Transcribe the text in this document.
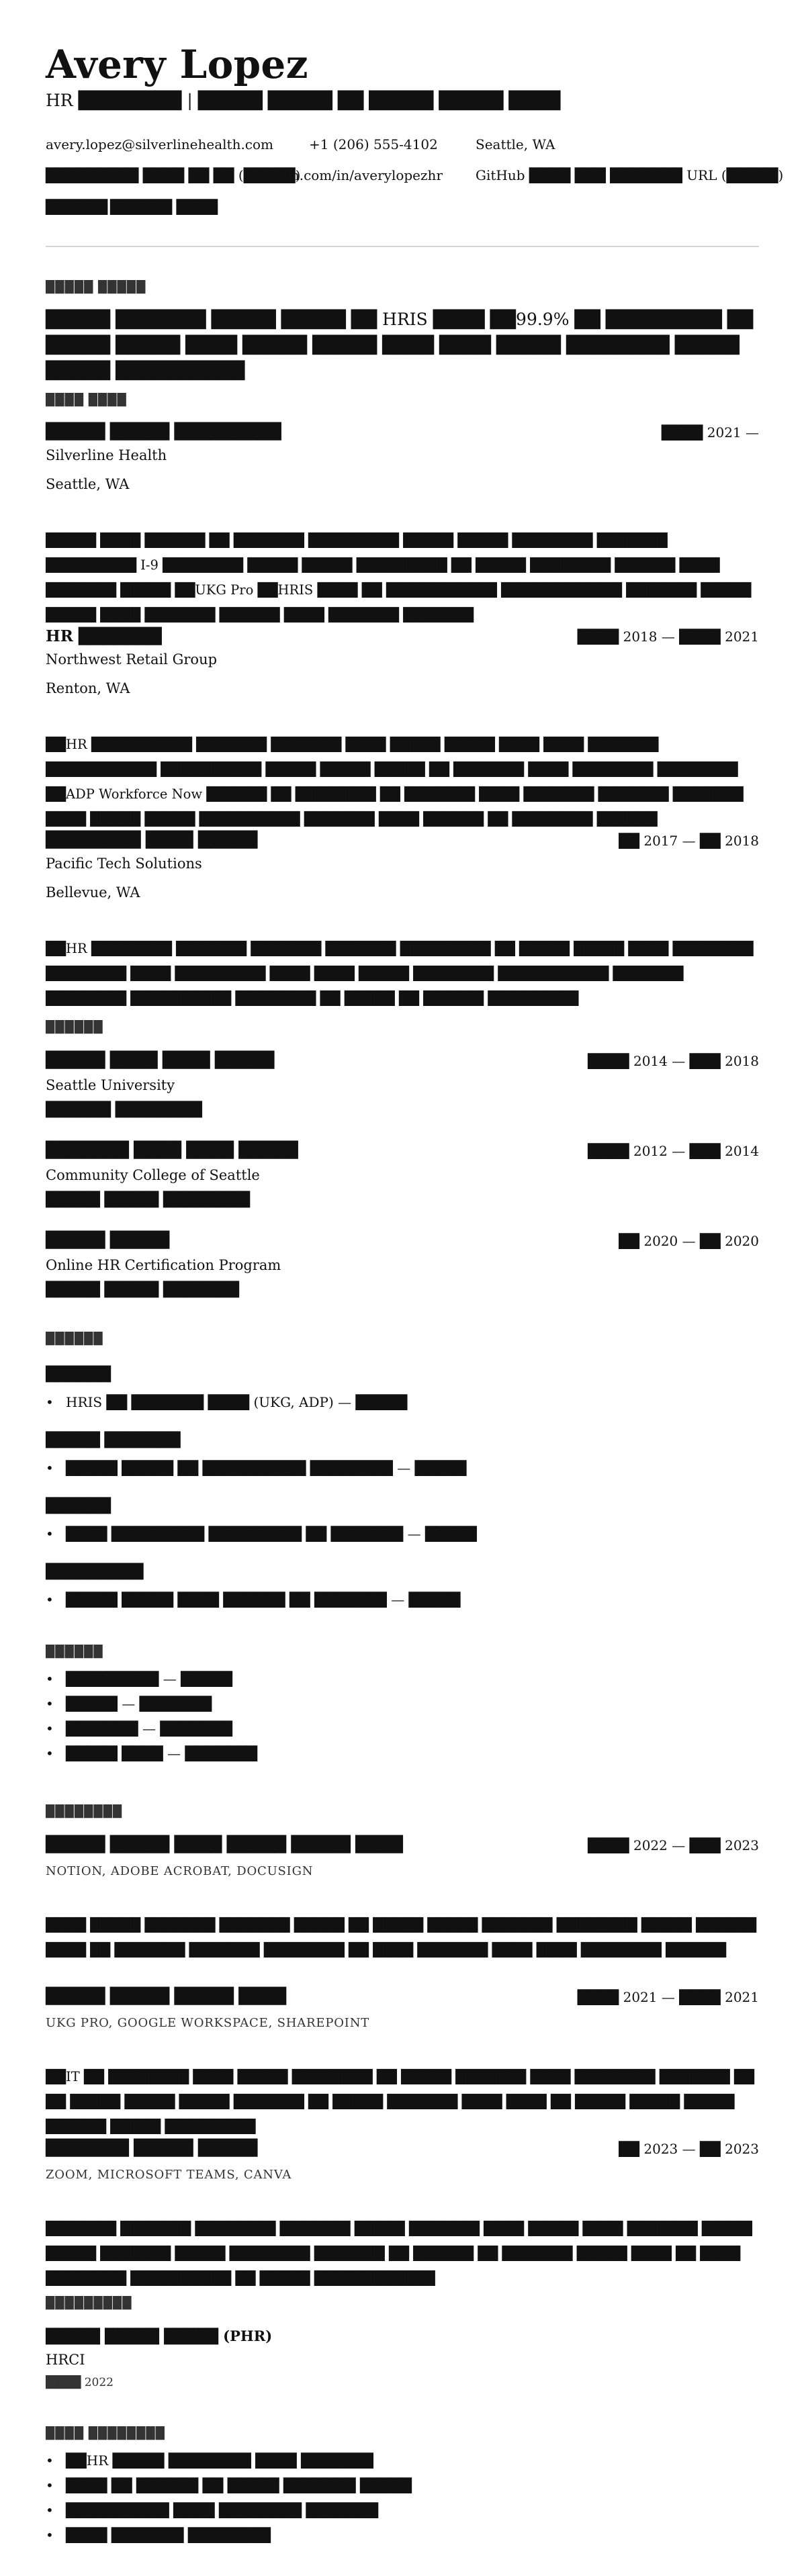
Avery Lopez
HR ████████ | █████ █████ ██ █████ █████ ████
avery.lopez@silverlinehealth.com	+1 (206) 555-4102	Seattle, WA
█████████ ████ ██ ██ (█████)
linkedin.com/in/averylopezhr GitHub ████ ███ ███████ URL (█████)
██████ ██████ ████
█████ █████
█████ ███████ █████ █████ ██ HRIS ████ ██99.9% ██ █████████ ██ █████ █████ ████ █████ █████ ████ ████ █████ ████████ █████ █████ ██████████
████ ████
█████ █████ █████████	████ 2021 —
Silverline Health
Seattle, WA
█████ ████ ██████ ██ ███████ █████████ █████ █████ ████████ ███████ █████████ I-9 ████████ █████ █████ █████████ ██ █████ ████████ ██████ ████ ███████ █████ ██UKG Pro ██HRIS ████ ██ ███████████ ████████████ ███████ █████ █████ ████ ███████ ██████ ████ ███████ ███████
HR ███████	████ 2018 — ████ 2021
Northwest Retail Group
Renton, WA
██HR ██████████ ███████ ███████ ████ █████ █████ ████ ████ ███████ ███████████ ██████████ █████ █████ █████ ██ ███████ ████ ████████ ████████ ██ADP Workforce Now ██████ ██ ████████ ██ ███████ ████ ███████ ███████ ███████ ████ █████ █████ ██████████ ███████ ████ ██████ ██ ████████ ██████
████████ ████ █████	██ 2017 — ██ 2018
Pacific Tech Solutions
Bellevue, WA
██HR ████████ ███████ ███████ ███████ █████████ ██ █████ █████ ████ ████████ ████████ ████ █████████ ████ ████ █████ ████████ ███████████ ███████ ████████ ██████████ ████████ ██ █████ ██ ██████ █████████
██████
█████ ████ ████ █████	████ 2014 — ███ 2018
Seattle University
██████ ████████
███████ ████ ████ █████	████ 2012 — ███ 2014
Community College of Seattle
█████ █████ ████████
█████ █████	██ 2020 — ██ 2020
Online HR Certification Program
█████ █████ ███████
██████
██████
• HRIS ██ ███████ ████ (UKG, ADP) — █████
█████ ███████
• █████ █████ ██ ██████████ ████████ — █████
██████
• ████ █████████ █████████ ██ ███████ — █████
█████████
• █████ █████ ████ ██████ ██ ███████ — █████
██████
• █████████ — █████
• █████ — ███████
• ███████ — ███████
• █████ ████ — ███████
████████
█████ █████ ████ █████ █████ ████	████ 2022 — ███ 2023
NOTION, ADOBE ACROBAT, DOCUSIGN
████ █████ ███████ ███████ █████ ██ █████ █████ ███████ ████████ █████ ██████ ████ ██ ███████ ███████ ████████ ██ ████ ███████ ████ ████ ████████ ██████
█████ █████ █████ ████	████ 2021 — ████ 2021
UKG PRO, GOOGLE WORKSPACE, SHAREPOINT
██IT ██ ████████ ████ █████ ████████ ██ █████ ███████ ████ ████████ ███████ ██ ██ █████ █████ █████ ███████ ██ █████ ███████ ████ ████ ██ █████ █████ █████ ██████ █████ █████████
███████ █████ █████	██ 2023 — ██ 2023
ZOOM, MICROSOFT TEAMS, CANVA
███████ ███████ ████████ ███████ █████ ███████ ████ █████ ████ ███████ █████ █████ ███████ █████ ████████ ███████ ██ ██████ ██ ███████ █████ ████ ██ ████ ████████ ██████████ ██ █████ ████████████
█████████
█████ █████ █████ (PHR)
HRCI
████ 2022
████ ████████
• ██HR █████ ████████ ████ ███████
• ████ ██ ██████ ██ █████ ███████ █████
• ██████████ ████ ████████ ███████
• ████ ███████ ████████
